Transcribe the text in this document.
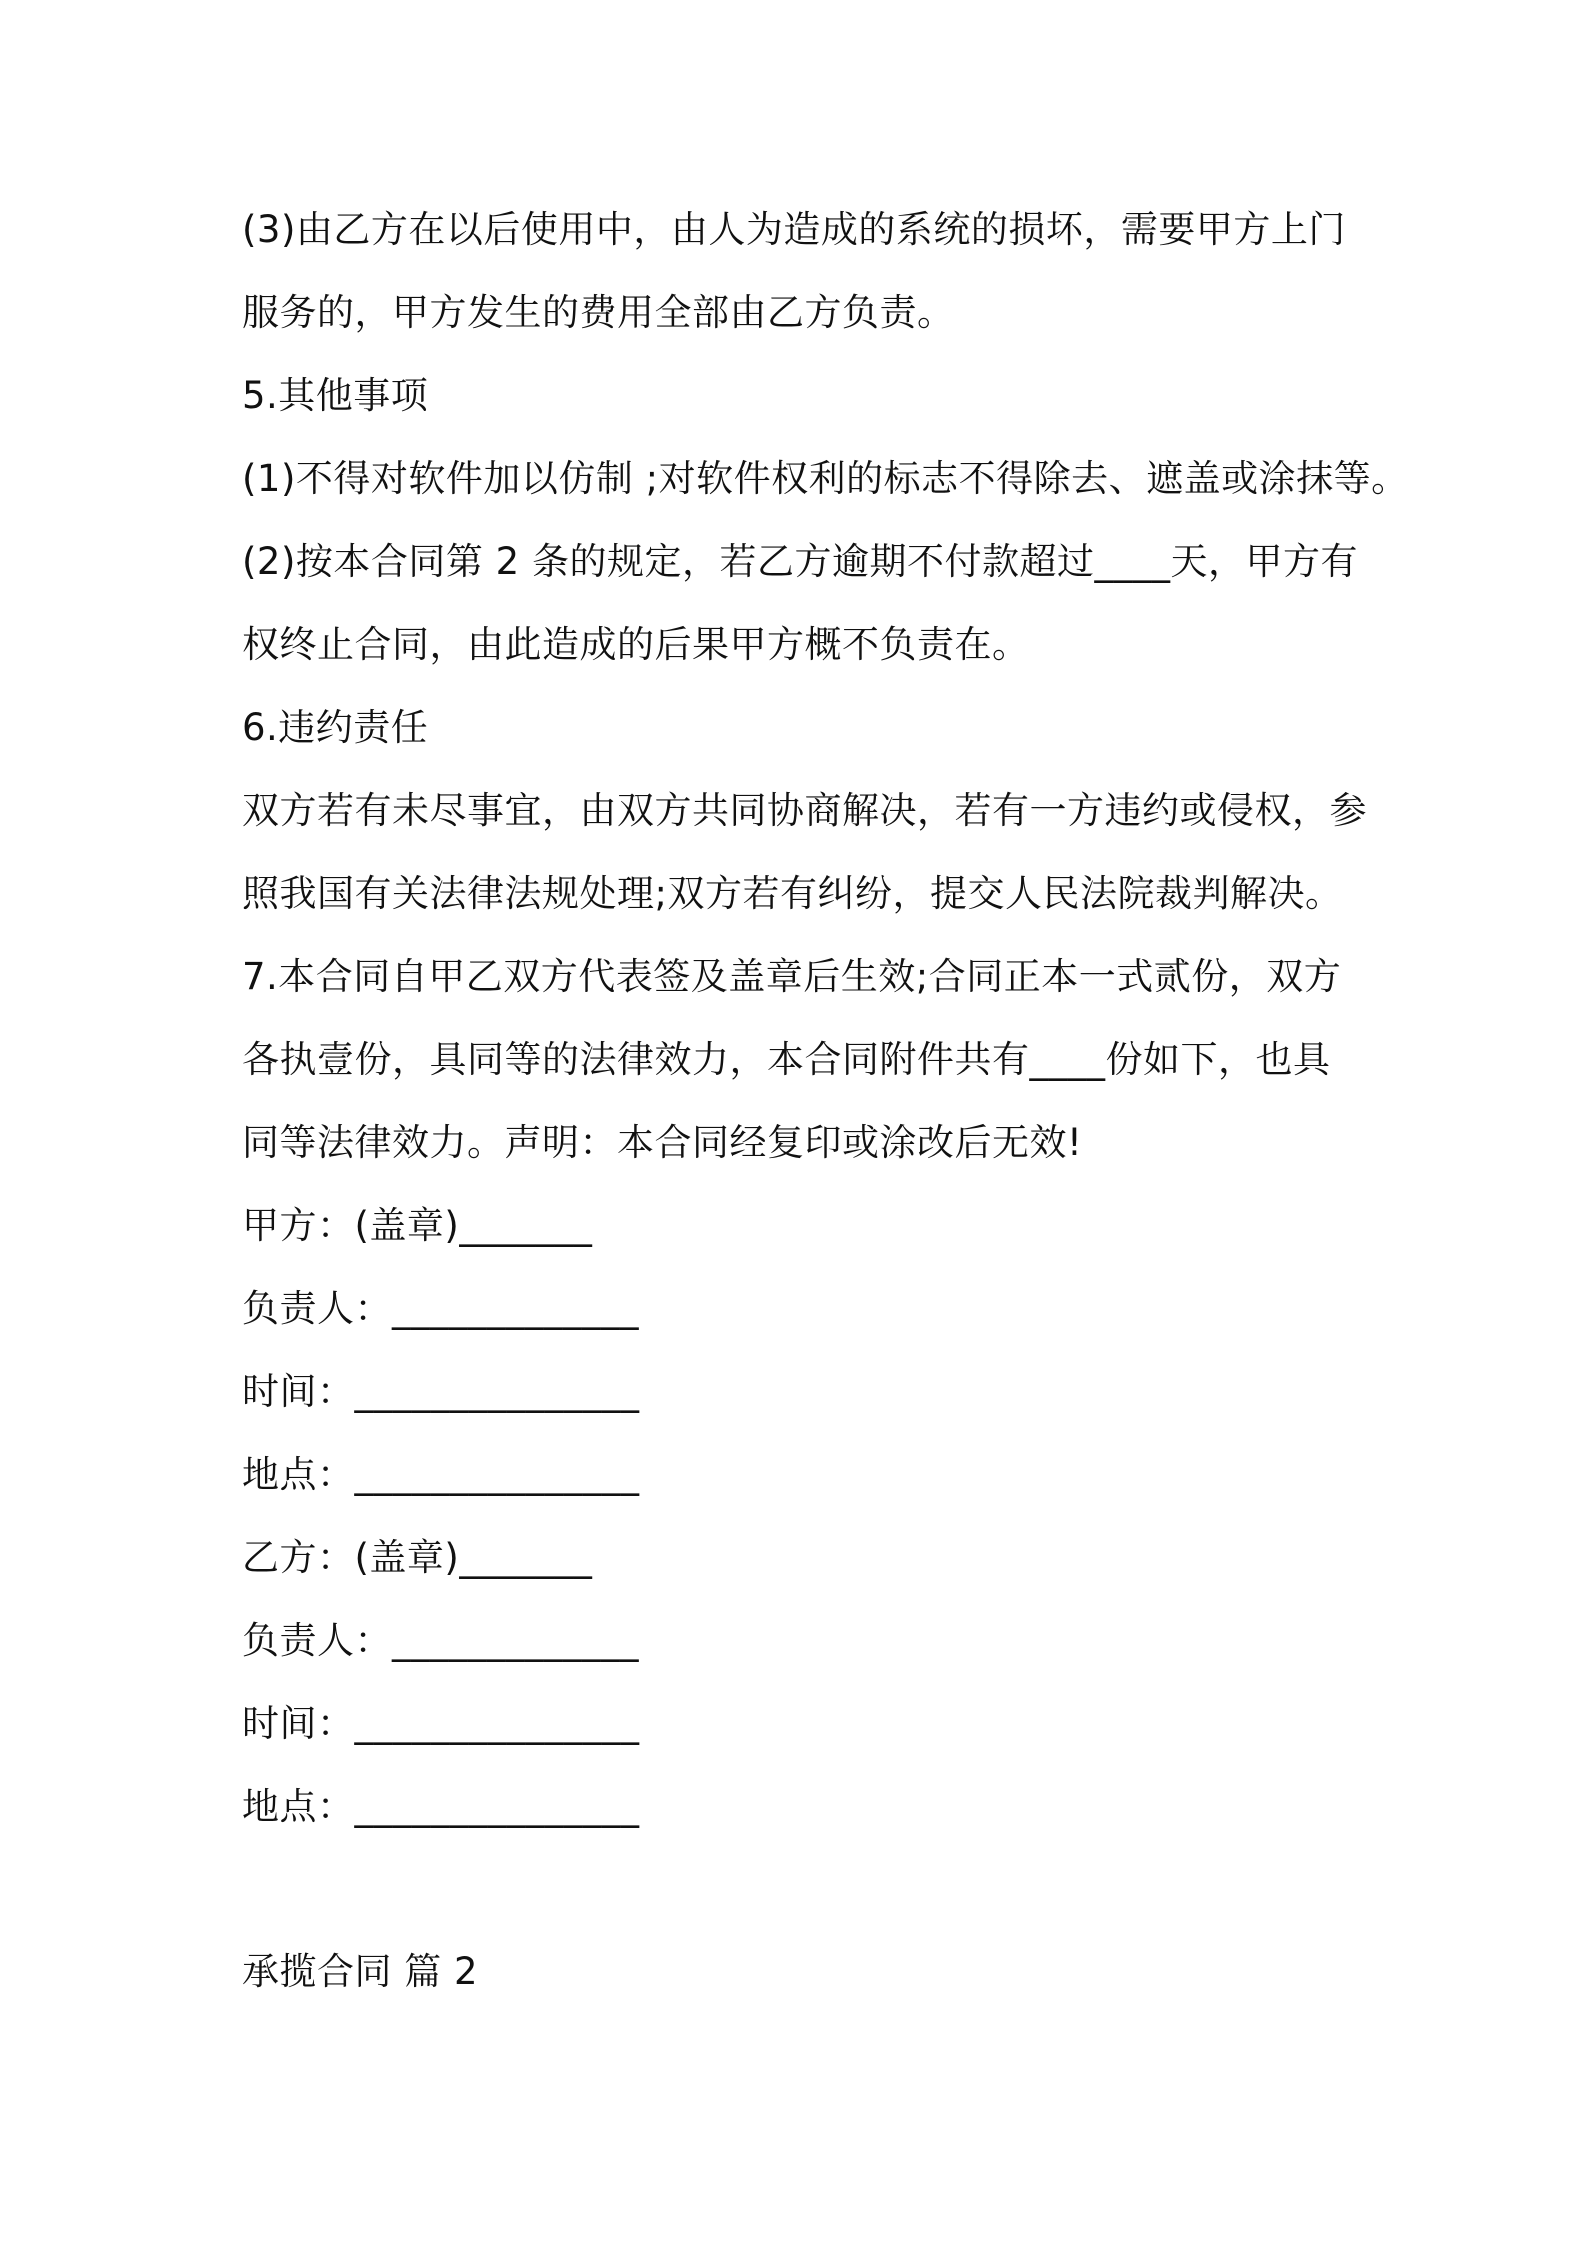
(3)由乙方在以后使用中，由人为造成的系统的损坏，需要甲方上门
服务的，甲方发生的费用全部由乙方负责。
5.其他事项
(1)不得对软件加以仿制 ;对软件权利的标志不得除去、遮盖或涂抹等。
(2)按本合同第 2 条的规定，若乙方逾期不付款超过____天，甲方有
权终止合同，由此造成的后果甲方概不负责在。
6.违约责任
双方若有未尽事宜，由双方共同协商解决，若有一方违约或侵权，参
照我国有关法律法规处理;双方若有纠纷，提交人民法院裁判解决。
7.本合同自甲乙双方代表签及盖章后生效;合同正本一式贰份，双方
各执壹份，具同等的法律效力，本合同附件共有____份如下，也具
同等法律效力。声明：本合同经复印或涂改后无效!
甲方：(盖章)_______
负责人：_____________
时间：_______________
地点：_______________
乙方：(盖章)_______
负责人：_____________
时间：_______________
地点：_______________
承揽合同 篇 2
